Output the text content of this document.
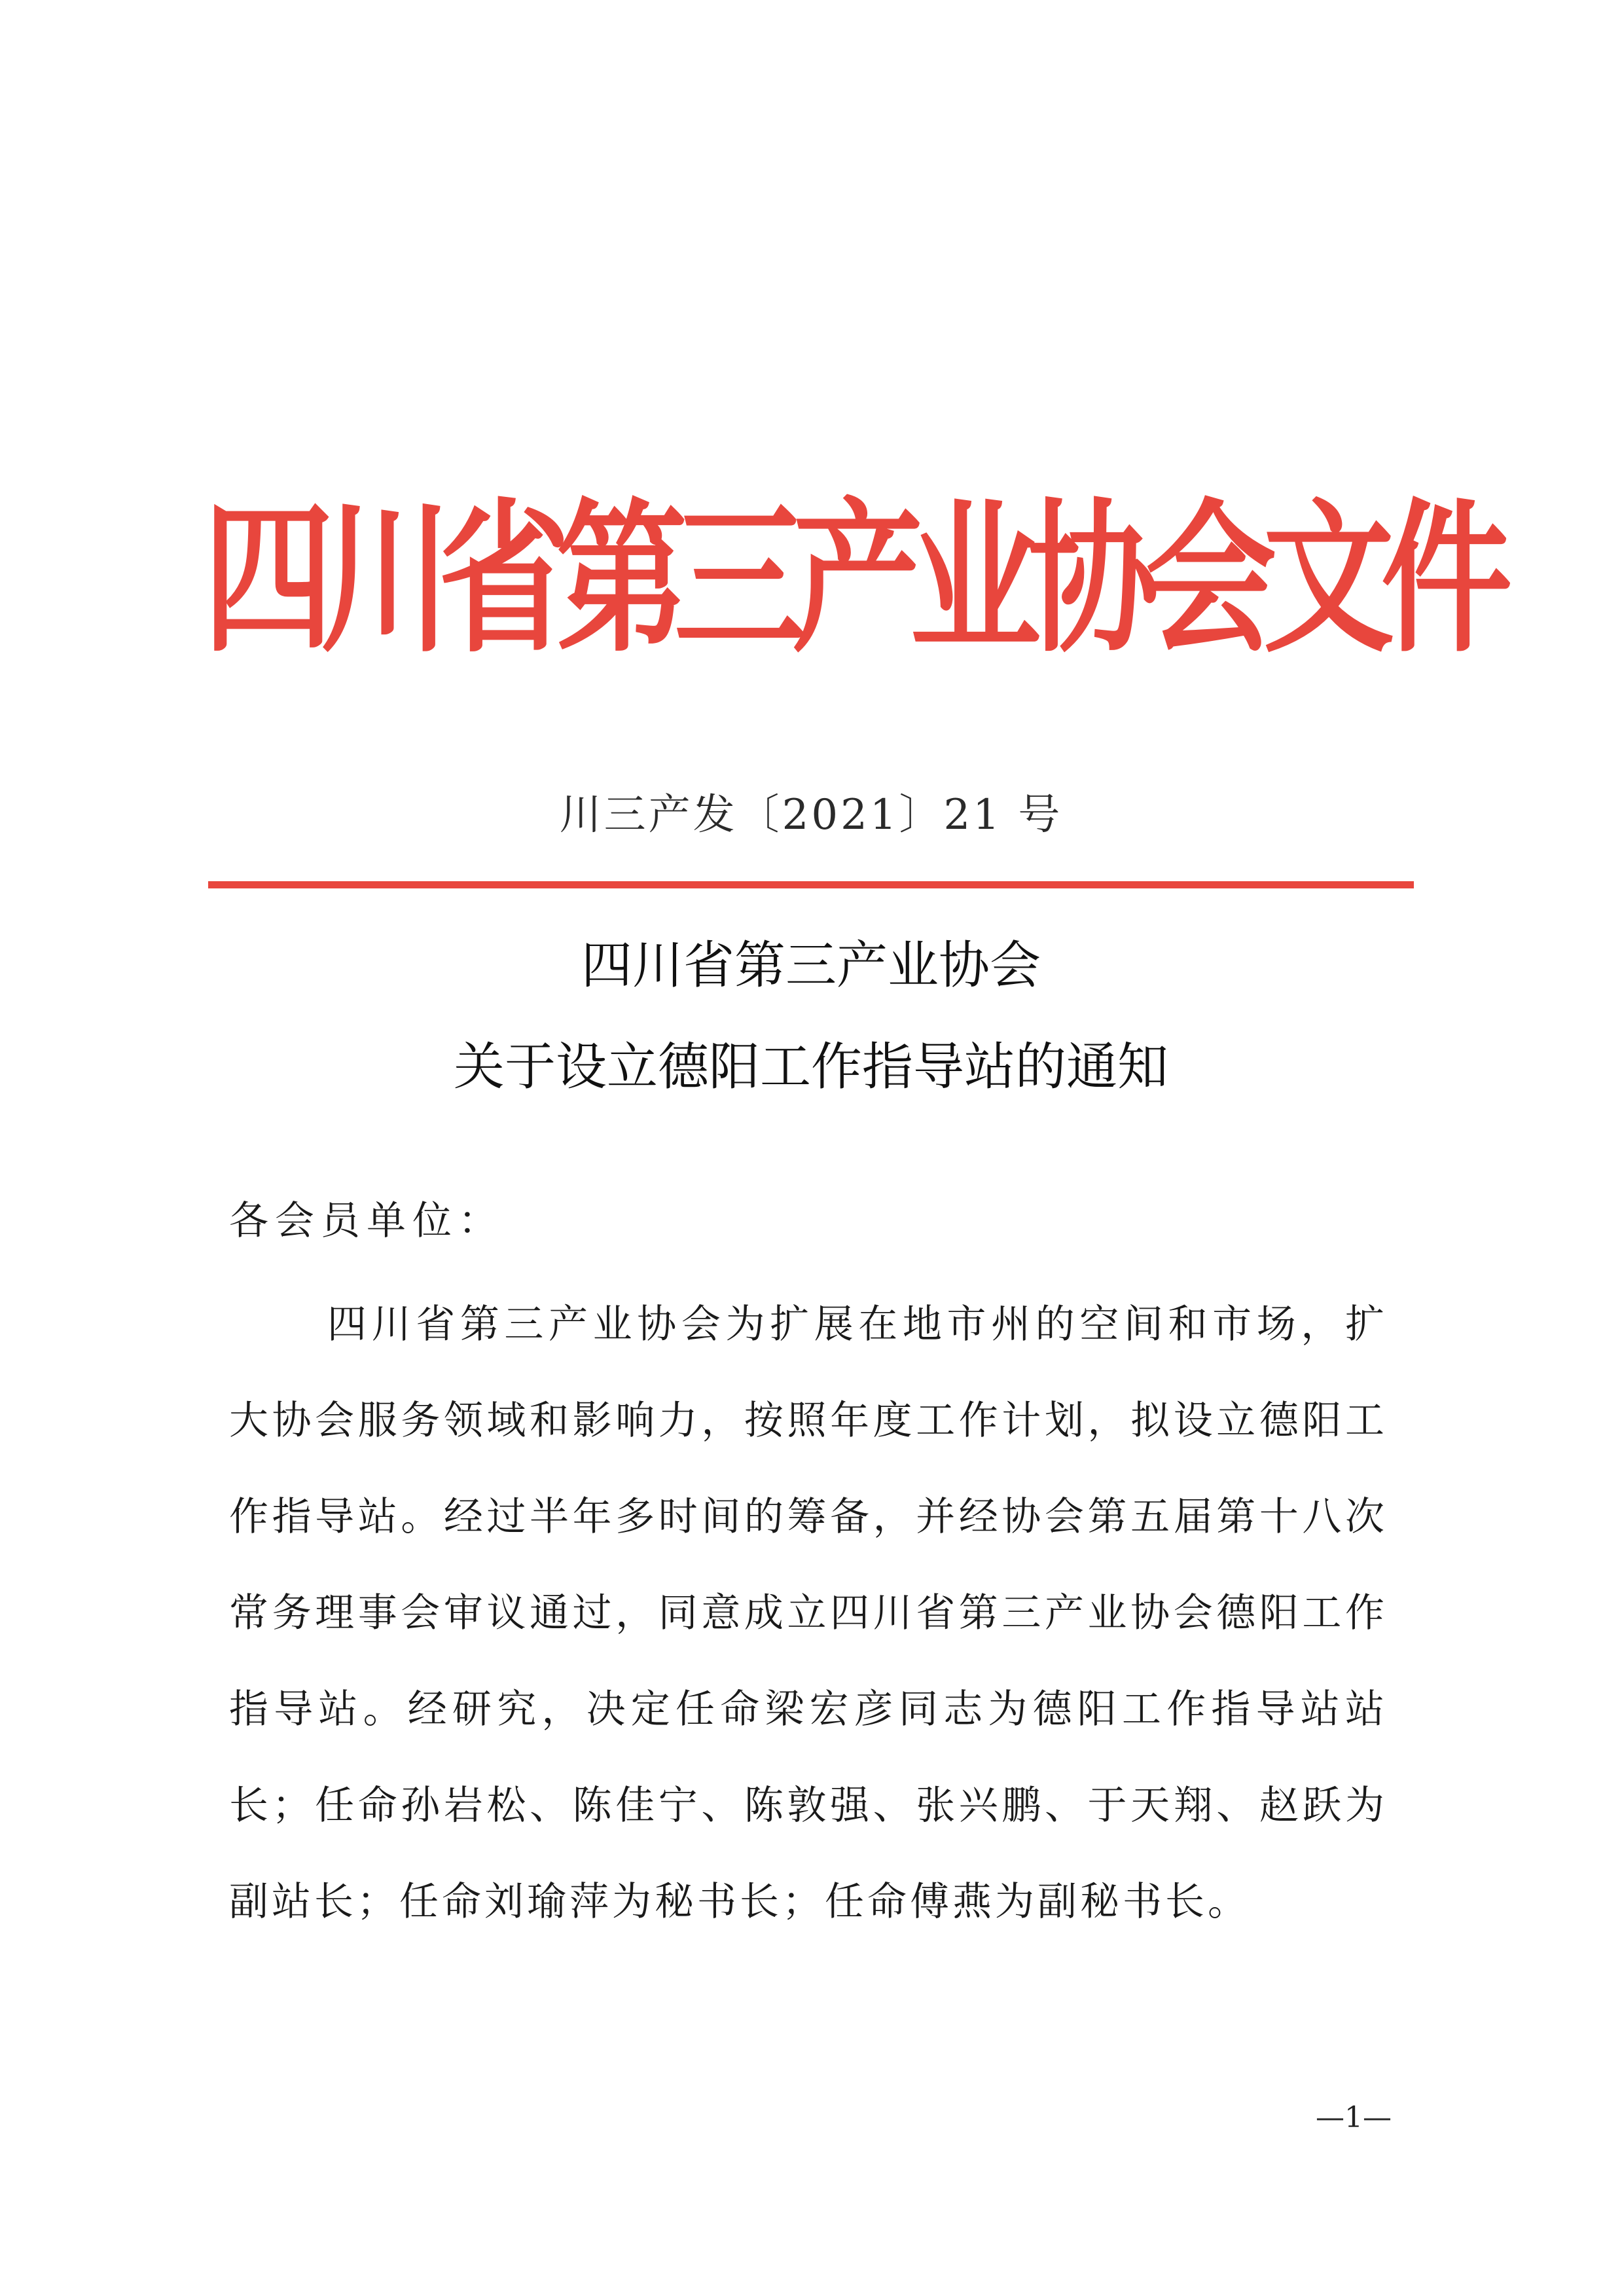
四
川
省
第
三
产
业
协
会
文
件
川三产发〔2021〕21 号
四川省第三产业协会
关于设立德阳工作指导站的通知
各会员单位：

四川省第三产业协会为扩展在地市州的空间和市场，扩大协会服务领域和影响力，按照年度工作计划，拟设立德阳工作指导站。经过半年多时间的筹备，并经协会第五届第十八次常务理事会审议通过，同意成立四川省第三产业协会德阳工作指导站。经研究，决定任命梁宏彦同志为德阳工作指导站站长；任命孙岩松、陈佳宁、陈敦强、张兴鹏、于天翔、赵跃为副站长；任命刘瑜萍为秘书长；任命傅燕为副秘书长。

—1—
